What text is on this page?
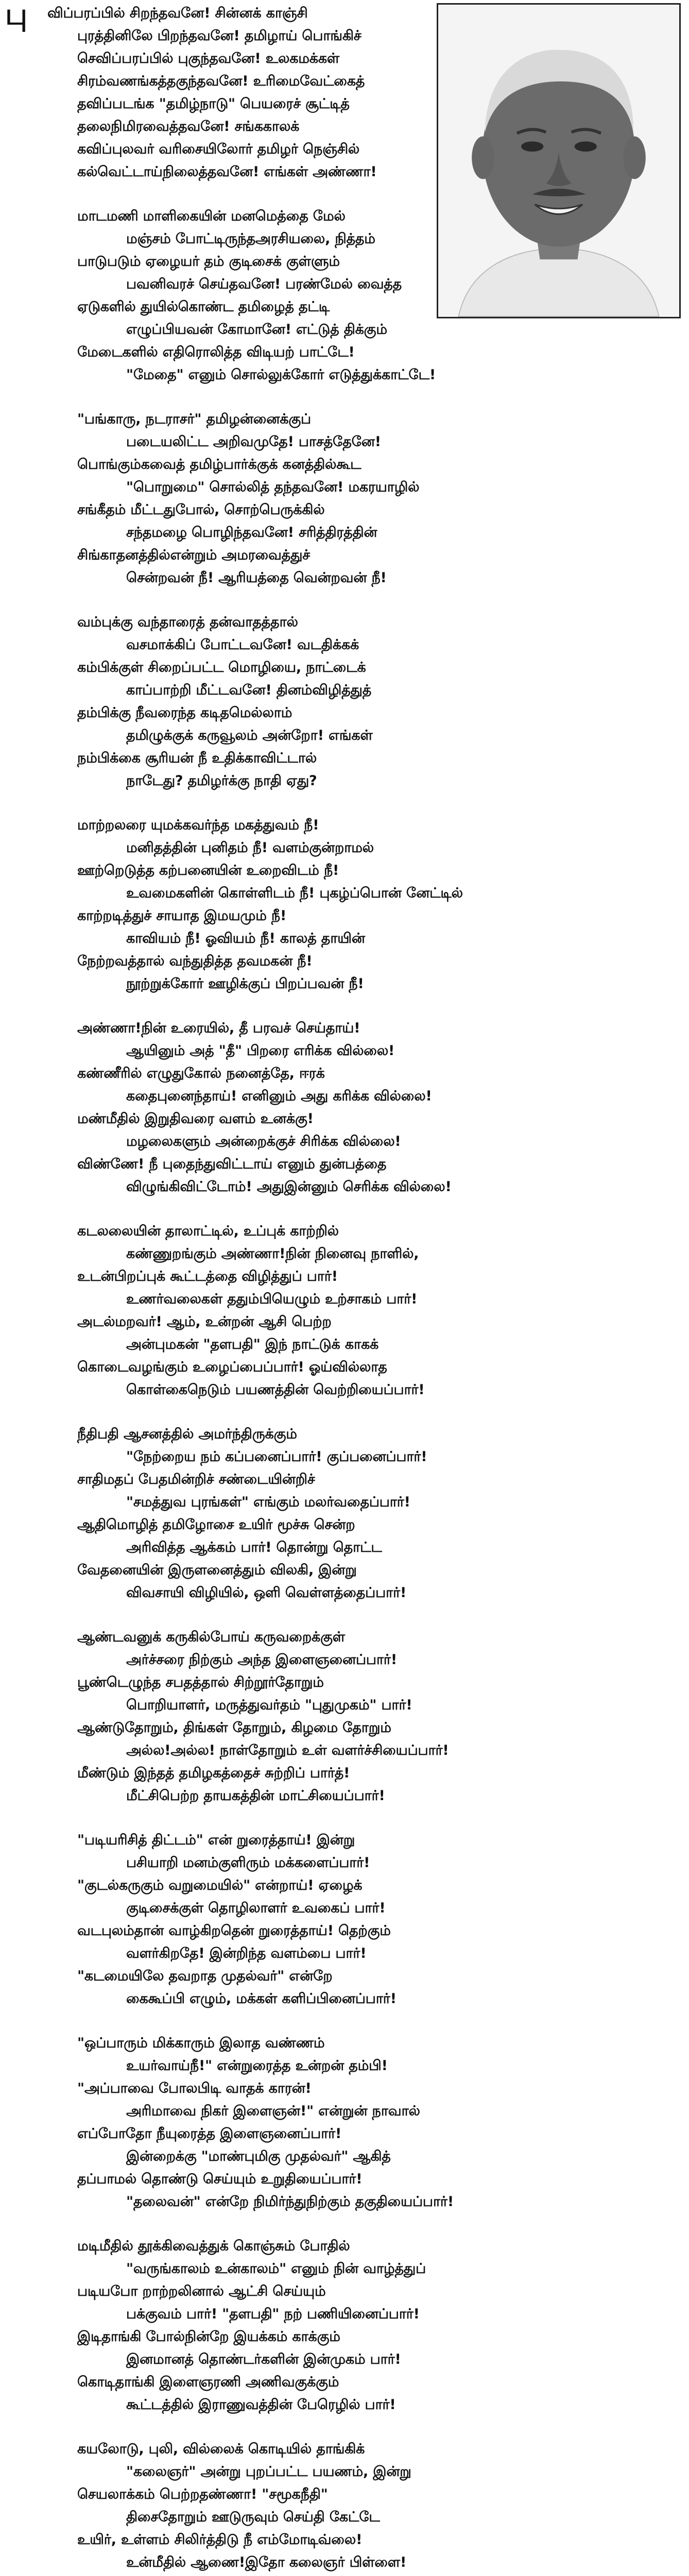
பு விப்பரப்பில் சிறந்தவனே! சின்னக் காஞ்சி
புரத்தினிலே பிறந்தவனே! தமிழாய் பொங்கிச்
செவிப்பரப்பில் புகுந்தவனே! உலகமக்கள்
சிரம்வணங்கத்தகுந்தவனே! உரிமைவேட்கைத்
தவிப்படங்க "தமிழ்நாடு" பெயரைச் சூட்டித்
தலைநிமிரவைத்தவனே! சங்ககாலக்
கவிப்புலவர் வரிசையிலோர் தமிழர் நெஞ்சில்
கல்வெட்டாய்நிலைத்தவனே! எங்கள் அண்ணா!
மாடமணி மாளிகையின் மனமெத்தை மேல்
மஞ்சம் போட்டிருந்தஅரசியலை, நித்தம்
பாடுபடும் ஏழையர் தம் குடிசைக் குள்ளும்
பவனிவரச் செய்தவனே! பரண்மேல் வைத்த
ஏடுகளில் துயில்கொண்ட தமிழைத் தட்டி
எழுப்பியவன் கோமானே! எட்டுத் திக்கும்
மேடைகளில் எதிரொலித்த விடியற் பாட்டே!
"மேதை" எனும் சொல்லுக்கோர் எடுத்துக்காட்டே!
"பங்காரு, நடராசர்" தமிழன்னைக்குப்
படையலிட்ட அறிவமுதே! பாசத்தேனே!
பொங்கும்கவைத் தமிழ்பார்க்குக் கனத்தில்கூட
"பொறுமை" சொல்லித் தந்தவனே! மகரயாழில்
சங்கீதம் மீட்டதுபோல், சொற்பெருக்கில்
சந்தமழை பொழிந்தவனே! சரித்திரத்தின்
சிங்காதனத்தில்என்றும் அமரவைத்துச்
சென்றவன் நீ! ஆரியத்தை வென்றவன் நீ!
வம்புக்கு வந்தாரைத் தன்வாதத்தால்
வசமாக்கிப் போட்டவனே! வடதிக்கக்
கம்பிக்குள் சிறைப்பட்ட மொழியை, நாட்டைக்
காப்பாற்றி மீட்டவனே! தினம்விழித்துத்
தம்பிக்கு நீவரைந்த கடிதமெல்லாம்
தமிழுக்குக் கருவூலம் அன்றோ! எங்கள்
நம்பிக்கை சூரியன் நீ உதிக்காவிட்டால்
நாடேது? தமிழர்க்கு நாதி ஏது?
மாற்றலரை யுமக்கவர்ந்த மகத்துவம் நீ!
மனிதத்தின் புனிதம் நீ! வளம்குன்றாமல்
ஊற்றெடுத்த கற்பனையின் உறைவிடம் நீ!
உவமைகளின் கொள்ளிடம் நீ! புகழ்ப்பொன் னேட்டில்
காற்றடித்துச் சாயாத இமயமும் நீ!
காவியம் நீ! ஓவியம் நீ! காலத் தாயின்
நேற்றவத்தால் வந்துதித்த தவமகன் நீ!
நூற்றுக்கோர் ஊழிக்குப் பிறப்பவன் நீ!
அண்ணா!நின் உரையில், தீ பரவச் செய்தாய்!
ஆயினும் அத் "தீ" பிறரை எரிக்க வில்லை!
கண்ணீரில் எழுதுகோல் நனைத்தே, ஈரக்
கதைபுனைந்தாய்! எனினும் அது கரிக்க வில்லை!
மண்மீதில் இறுதிவரை வளம் உனக்கு!
மழலைகளும் அன்றைக்குச் சிரிக்க வில்லை!
விண்ணே! நீ புதைந்துவிட்டாய் எனும் துன்பத்தை
விழுங்கிவிட்டோம்! அதுஇன்னும் செரிக்க வில்லை!
கடலலையின் தாலாட்டில், உப்புக் காற்றில்
கண்ணுறங்கும் அண்ணா!நின் நினைவு நாளில்,
உடன்பிறப்புக் கூட்டத்தை விழித்துப் பார்!
உணர்வலைகள் ததும்பியெழும் உற்சாகம் பார்!
அடல்மறவர்! ஆம், உன்றன் ஆசி பெற்ற
அன்புமகன் "தளபதி" இந் நாட்டுக் காகக்
கொடைவழங்கும் உழைப்பைப்பார்! ஓய்வில்லாத
கொள்கைநெடும் பயணத்தின் வெற்றியைப்பார்!
நீதிபதி ஆசனத்தில் அமர்ந்திருக்கும்
"நேற்றைய நம் கப்பனைப்பார்! குப்பனைப்பார்!
சாதிமதப் பேதமின்றிச் சண்டையின்றிச்
"சமத்துவ புரங்கள்" எங்கும் மலர்வதைப்பார்!
ஆதிமொழித் தமிழோசை உயிர் மூச்சு சென்ற
அரிவித்த ஆக்கம் பார்! தொன்று தொட்ட
வேதனையின் இருளனைத்தும் விலகி, இன்று
விவசாயி விழியில், ஒளி வெள்ளத்தைப்பார்!
ஆண்டவனுக் கருகில்போய் கருவறைக்குள்
அர்ச்சரை நிற்கும் அந்த இளைஞனைப்பார்!
பூண்டெழுந்த சபதத்தால் சிற்றூர்தோறும்
பொறியாளர், மருத்துவர்தம் "புதுமுகம்" பார்!
ஆண்டுதோறும், திங்கள் தோறும், கிழமை தோறும்
அல்ல!அல்ல! நாள்தோறும் உள் வளர்ச்சியைப்பார்!
மீண்டும் இந்தத் தமிழகத்தைச் சுற்றிப் பார்த்!
மீட்சிபெற்ற தாயகத்தின் மாட்சியைப்பார்!
"படியரிசித் திட்டம்" என் றுரைத்தாய்! இன்று
பசியாறி மனம்குளிரும் மக்களைப்பார்!
"குடல்கருகும் வறுமையில்" என்றாய்! ஏழைக்
குடிசைக்குள் தொழிலாளர் உவகைப் பார்!
வடபுலம்தான் வாழ்கிறதென் றுரைத்தாய்! தெற்கும்
வளர்கிறதே! இன்றிந்த வளம்பை பார்!
"கடமையிலே தவறாத முதல்வர்" என்றே
கைகூப்பி எழும், மக்கள் களிப்பினைப்பார்!
"ஒப்பாரும் மிக்காரும் இலாத வண்ணம்
உயர்வாய்நீ!" என்றுரைத்த உன்றன் தம்பி!
"அப்பாவை போலபிடி வாதக் காரன்!
அரிமாவை நிகர் இளைஞன்!" என்றுன் நாவால்
எப்போதோ நீயுரைத்த இளைஞனைப்பார்!
இன்றைக்கு "மாண்புமிகு முதல்வர்" ஆகித்
தப்பாமல் தொண்டு செய்யும் உறுதியைப்பார்!
"தலைவன்" என்றே நிமிர்ந்துநிற்கும் தகுதியைப்பார்!
மடிமீதில் தூக்கிவைத்துக் கொஞ்சும் போதில்
"வருங்காலம் உன்காலம்" எனும் நின் வாழ்த்துப்
படியபோ றாற்றலினால் ஆட்சி செய்யும்
பக்குவம் பார்! "தளபதி" நற் பணியினைப்பார்!
இடிதாங்கி போல்நின்றே இயக்கம் காக்கும்
இனமானத் தொண்டர்களின் இன்முகம் பார்!
கொடிதாங்கி இளைஞரணி அணிவகுக்கும்
கூட்டத்தில் இராணுவத்தின் பேரெழில் பார்!
கயலோடு, புலி, வில்லைக் கொடியில் தாங்கிக்
"கலைஞர்" அன்று புறப்பட்ட பயணம், இன்று
செயலாக்கம் பெற்றதண்ணா! "சமூகநீதி"
திசைதோறும் ஊடுருவும் செய்தி கேட்டே
உயிர், உள்ளம் சிலிர்த்திடு நீ எம்மோடிவ்லை!
உன்மீதில் ஆணை!இதோ கலைஞர் பிள்ளை!
